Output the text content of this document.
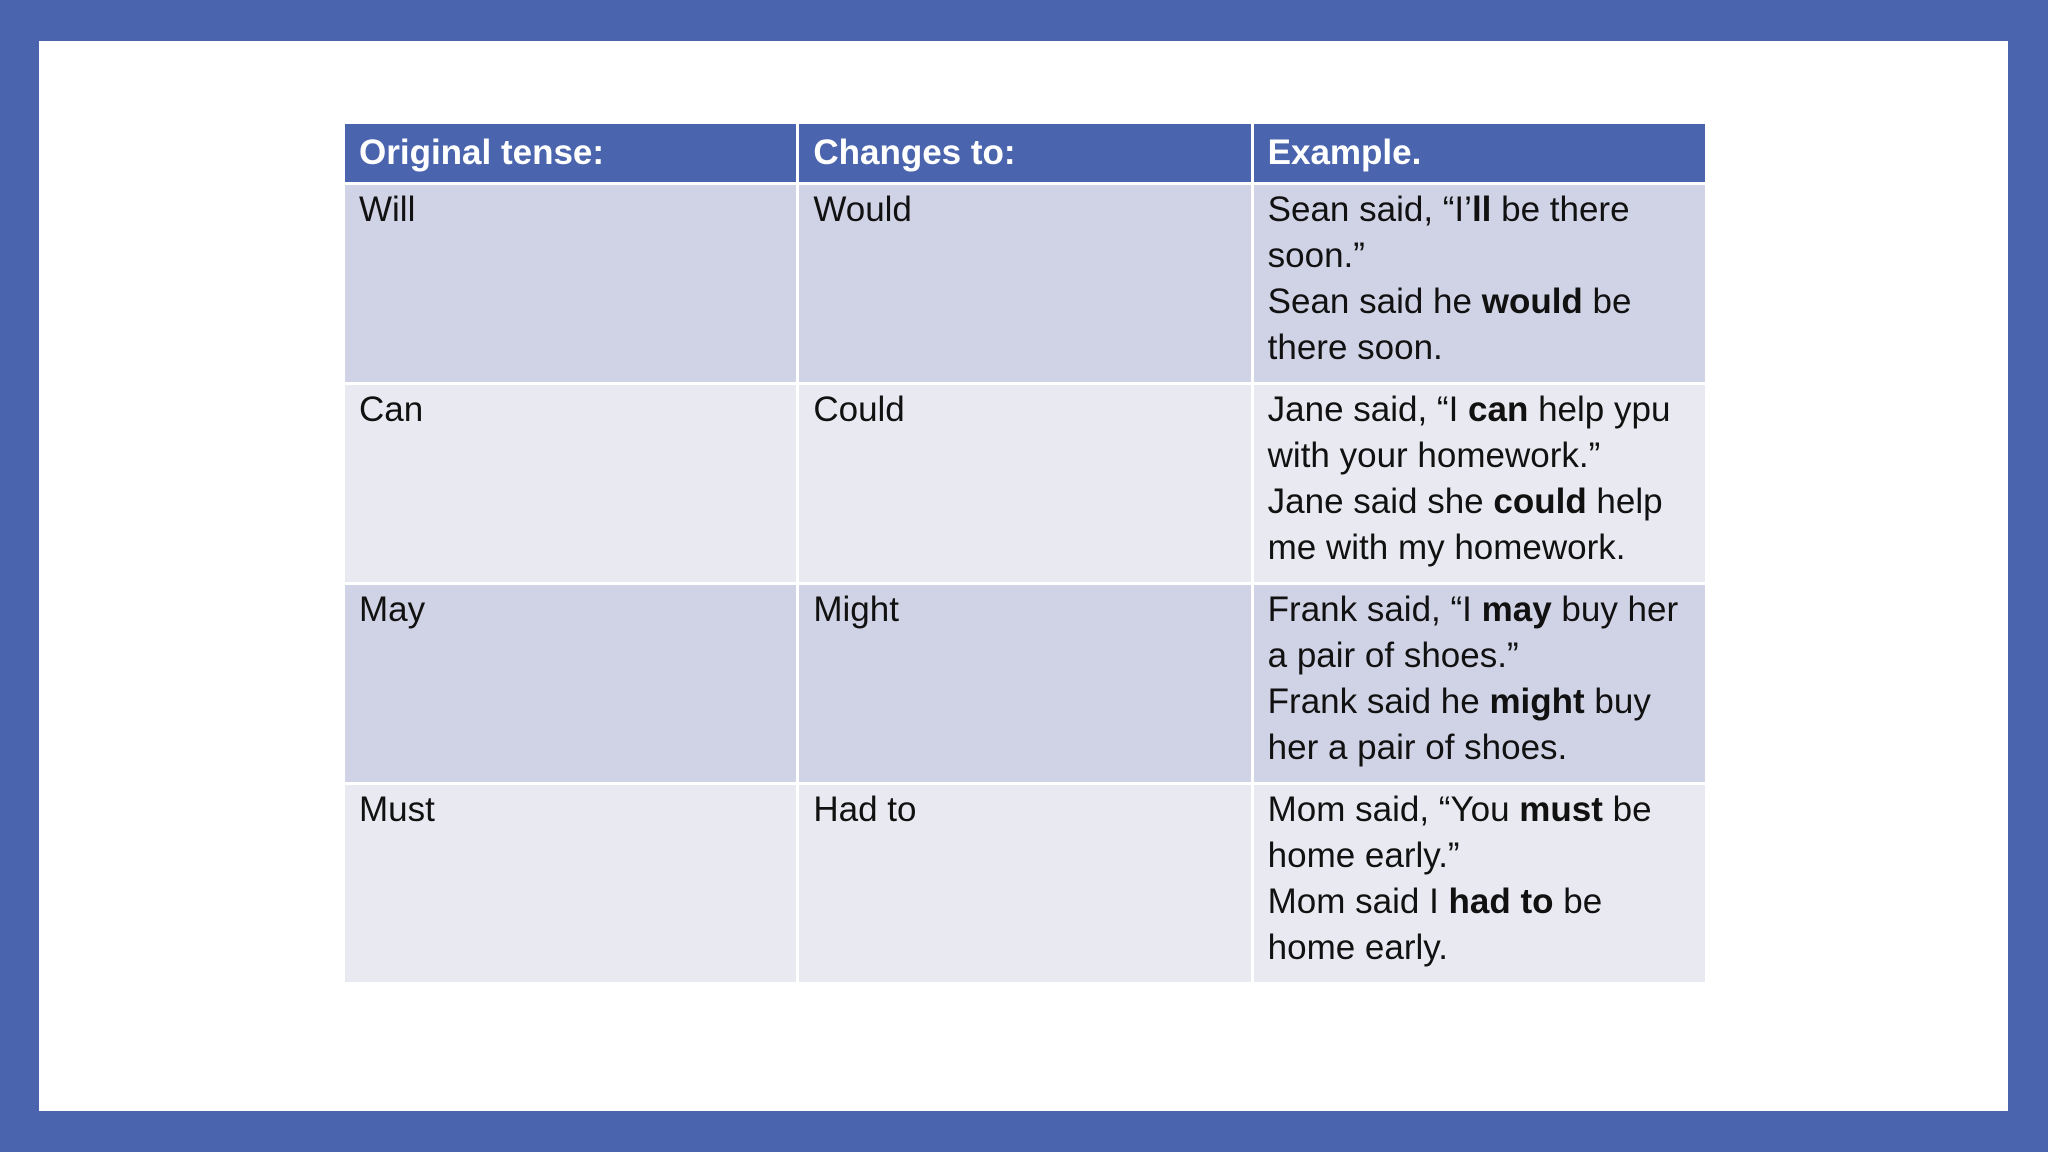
Original tense:	Changes to:	Example.
Will	Would	Sean said, “I’ll be there soon.”
Sean said he would be there soon.

Can	Could	Jane said, “I can help ypu with your homework.”
Jane said she could help me with my homework.

May	Might	Frank said, “I may buy her a pair of shoes.”
Frank said he might buy her a pair of shoes.

Must	Had to	Mom said, “You must be home early.”
Mom said I had to be home early.
